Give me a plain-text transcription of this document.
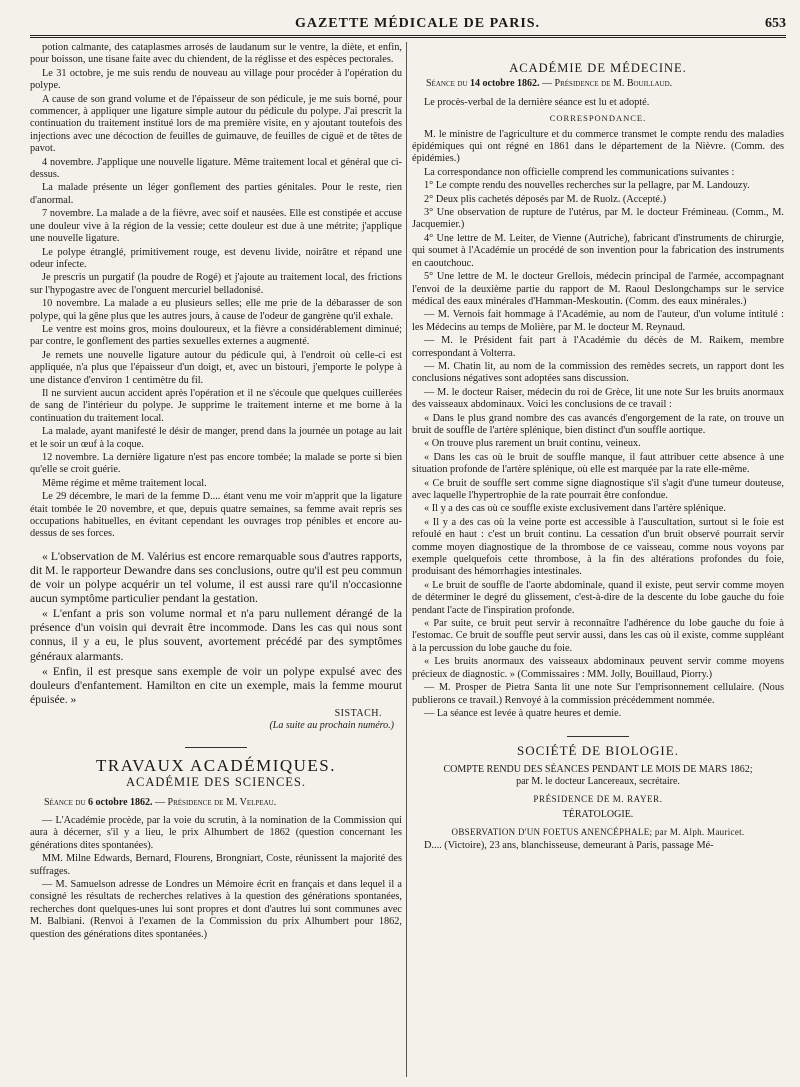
GAZETTE MÉDICALE DE PARIS.	653

potion calmante, des cataplasmes arrosés de laudanum sur le ventre, la diète, et enfin, pour boisson, une tisane faite avec du chiendent, de la réglisse et des espèces pectorales.

Le 31 octobre, je me suis rendu de nouveau au village pour procéder à l'opération du polype.

A cause de son grand volume et de l'épaisseur de son pédicule, je me suis borné, pour commencer, à appliquer une ligature simple autour du pédicule du polype. J'ai prescrit la continuation du traitement institué lors de ma première visite, en y ajoutant toutefois des injections avec une décoction de feuilles de guimauve, de feuilles de ciguë et de têtes de pavot.

4 novembre. J'applique une nouvelle ligature. Même traitement local et général que ci-dessus.

La malade présente un léger gonflement des parties génitales. Pour le reste, rien d'anormal.

7 novembre. La malade a de la fièvre, avec soif et nausées. Elle est constipée et accuse une douleur vive à la région de la vessie; cette douleur est due à une métrite; j'applique une nouvelle ligature.

Le polype étranglé, primitivement rouge, est devenu livide, noirâtre et répand une odeur infecte.

Je prescris un purgatif (la poudre de Rogé) et j'ajoute au traitement local, des frictions sur l'hypogastre avec de l'onguent mercuriel belladonisé.

10 novembre. La malade a eu plusieurs selles; elle me prie de la débarasser de son polype, qui la gêne plus que les autres jours, à cause de l'odeur de gangrène qu'il exhale.

Le ventre est moins gros, moins douloureux, et la fièvre a considérablement diminué; par contre, le gonflement des parties sexuelles externes a augmenté.

Je remets une nouvelle ligature autour du pédicule qui, à l'endroit où celle-ci est appliquée, n'a plus que l'épaisseur d'un doigt, et, avec un bistouri, j'emporte le polype à une distance d'environ 1 centimètre du fil.

Il ne survient aucun accident après l'opération et il ne s'écoule que quelques cuillerées de sang de l'intérieur du polype. Je supprime le traitement interne et me borne à la continuation du traitement local.

La malade, ayant manifesté le désir de manger, prend dans la journée un potage au lait et le soir un œuf à la coque.

12 novembre. La dernière ligature n'est pas encore tombée; la malade se porte si bien qu'elle se croit guérie.

Même régime et même traitement local.

Le 29 décembre, le mari de la femme D.... étant venu me voir m'apprit que la ligature était tombée le 20 novembre, et que, depuis quatre semaines, sa femme avait repris ses occupations habituelles, en évitant cependant les ouvrages trop pénibles et encore au-dessus de ses forces.

« L'observation de M. Valérius est encore remarquable sous d'autres rapports, dit M. le rapporteur Dewandre dans ses conclusions, outre qu'il est peu commun de voir un polype acquérir un tel volume, il est aussi rare qu'il n'occasionne aucun symptôme particulier pendant la gestation.

« L'enfant a pris son volume normal et n'a paru nullement dérangé de la présence d'un voisin qui devrait être incommode. Dans les cas qui nous sont connus, il y a eu, le plus souvent, avortement précédé par des symptômes généraux alarmants.

« Enfin, il est presque sans exemple de voir un polype expulsé avec des douleurs d'enfantement. Hamilton en cite un exemple, mais la femme mourut épuisée. »

SISTACH.
(La suite au prochain numéro.)
TRAVAUX ACADÉMIQUES.
ACADÉMIE DES SCIENCES.
Séance du 6 octobre 1862. — Présidence de M. Velpeau.

— L'Académie procède, par la voie du scrutin, à la nomination de la Commission qui aura à décerner, s'il y a lieu, le prix Alhumbert de 1862 (question concernant les générations dites spontanées).

MM. Milne Edwards, Bernard, Flourens, Brongniart, Coste, réunissent la majorité des suffrages.

— M. Samuelson adresse de Londres un Mémoire écrit en français et dans lequel il a consigné les résultats de recherches relatives à la question des générations spontanées, recherches dont quelques-unes lui sont propres et dont d'autres lui sont communes avec M. Balbiani. (Renvoi à l'examen de la Commission du prix Alhumbert pour 1862, question des générations dites spontanées.)

ACADÉMIE DE MÉDECINE.
Séance du 14 octobre 1862. — Présidence de M. Bouillaud.

Le procès-verbal de la dernière séance est lu et adopté.

CORRESPONDANCE.

M. le ministre de l'agriculture et du commerce transmet le compte rendu des maladies épidémiques qui ont régné en 1861 dans le département de la Nièvre. (Comm. des épidémies.)

La correspondance non officielle comprend les communications suivantes :

1° Le compte rendu des nouvelles recherches sur la pellagre, par M. Landouzy.

2° Deux plis cachetés déposés par M. de Ruolz. (Accepté.)

3° Une observation de rupture de l'utérus, par M. le docteur Frémineau. (Comm., M. Jacquemier.)

4° Une lettre de M. Leiter, de Vienne (Autriche), fabricant d'instruments de chirurgie, qui soumet à l'Académie un procédé de son invention pour la fabrication des instruments en caoutchouc.

5° Une lettre de M. le docteur Grellois, médecin principal de l'armée, accompagnant l'envoi de la deuxième partie du rapport de M. Raoul Deslongchamps sur le service médical des eaux minérales d'Hamman-Meskoutin. (Comm. des eaux minérales.)

— M. Vernois fait hommage à l'Académie, au nom de l'auteur, d'un volume intitulé : les Médecins au temps de Molière, par M. le docteur M. Reynaud.

— M. le Président fait part à l'Académie du décès de M. Raikem, membre correspondant à Volterra.

— M. Chatin lit, au nom de la commission des remèdes secrets, un rapport dont les conclusions négatives sont adoptées sans discussion.

— M. le docteur Raiser, médecin du roi de Grèce, lit une note Sur les bruits anormaux des vaisseaux abdominaux. Voici les conclusions de ce travail :

« Dans le plus grand nombre des cas avancés d'engorgement de la rate, on trouve un bruit de souffle de l'artère splénique, bien distinct d'un souffle aortique.

« On trouve plus rarement un bruit continu, veineux.

« Dans les cas où le bruit de souffle manque, il faut attribuer cette absence à une situation profonde de l'artère splénique, où elle est marquée par la rate elle-même.

« Ce bruit de souffle sert comme signe diagnostique s'il s'agit d'une tumeur douteuse, avec laquelle l'hypertrophie de la rate pourrait être confondue.

« Il y a des cas où ce souffle existe exclusivement dans l'artère splénique.

« Il y a des cas où la veine porte est accessible à l'auscultation, surtout si le foie est refoulé en haut : c'est un bruit continu. La cessation d'un bruit observé pourrait servir comme moyen diagnostique de la thrombose de ce vaisseau, comme nous voyons par exemple quelquefois cette thrombose, à la fin des altérations profondes du foie, produisant des hémorrhagies intestinales.

« Le bruit de souffle de l'aorte abdominale, quand il existe, peut servir comme moyen de déterminer le degré du glissement, c'est-à-dire de la descente du lobe gauche du foie pendant l'acte de l'inspiration profonde.

« Par suite, ce bruit peut servir à reconnaître l'adhérence du lobe gauche du foie à l'estomac. Ce bruit de souffle peut servir aussi, dans les cas où il existe, comme suppléant à la percussion du lobe gauche du foie.

« Les bruits anormaux des vaisseaux abdominaux peuvent servir comme moyens précieux de diagnostic. » (Commissaires : MM. Jolly, Bouillaud, Piorry.)

— M. Prosper de Pietra Santa lit une note Sur l'emprisonnement cellulaire. (Nous publierons ce travail.) Renvoyé à la commission précédemment nommée.

— La séance est levée à quatre heures et demie.

SOCIÉTÉ DE BIOLOGIE.
COMPTE RENDU DES SÉANCES PENDANT LE MOIS DE MARS 1862;
par M. le docteur Lancereaux, secrétaire.
PRÉSIDENCE DE M. RAYER.
TÉRATOLOGIE.
OBSERVATION D'UN FOETUS ANENCÉPHALE; par M. Alph. Mauricet.

D.... (Victoire), 23 ans, blanchisseuse, demeurant à Paris, passage Mé-
